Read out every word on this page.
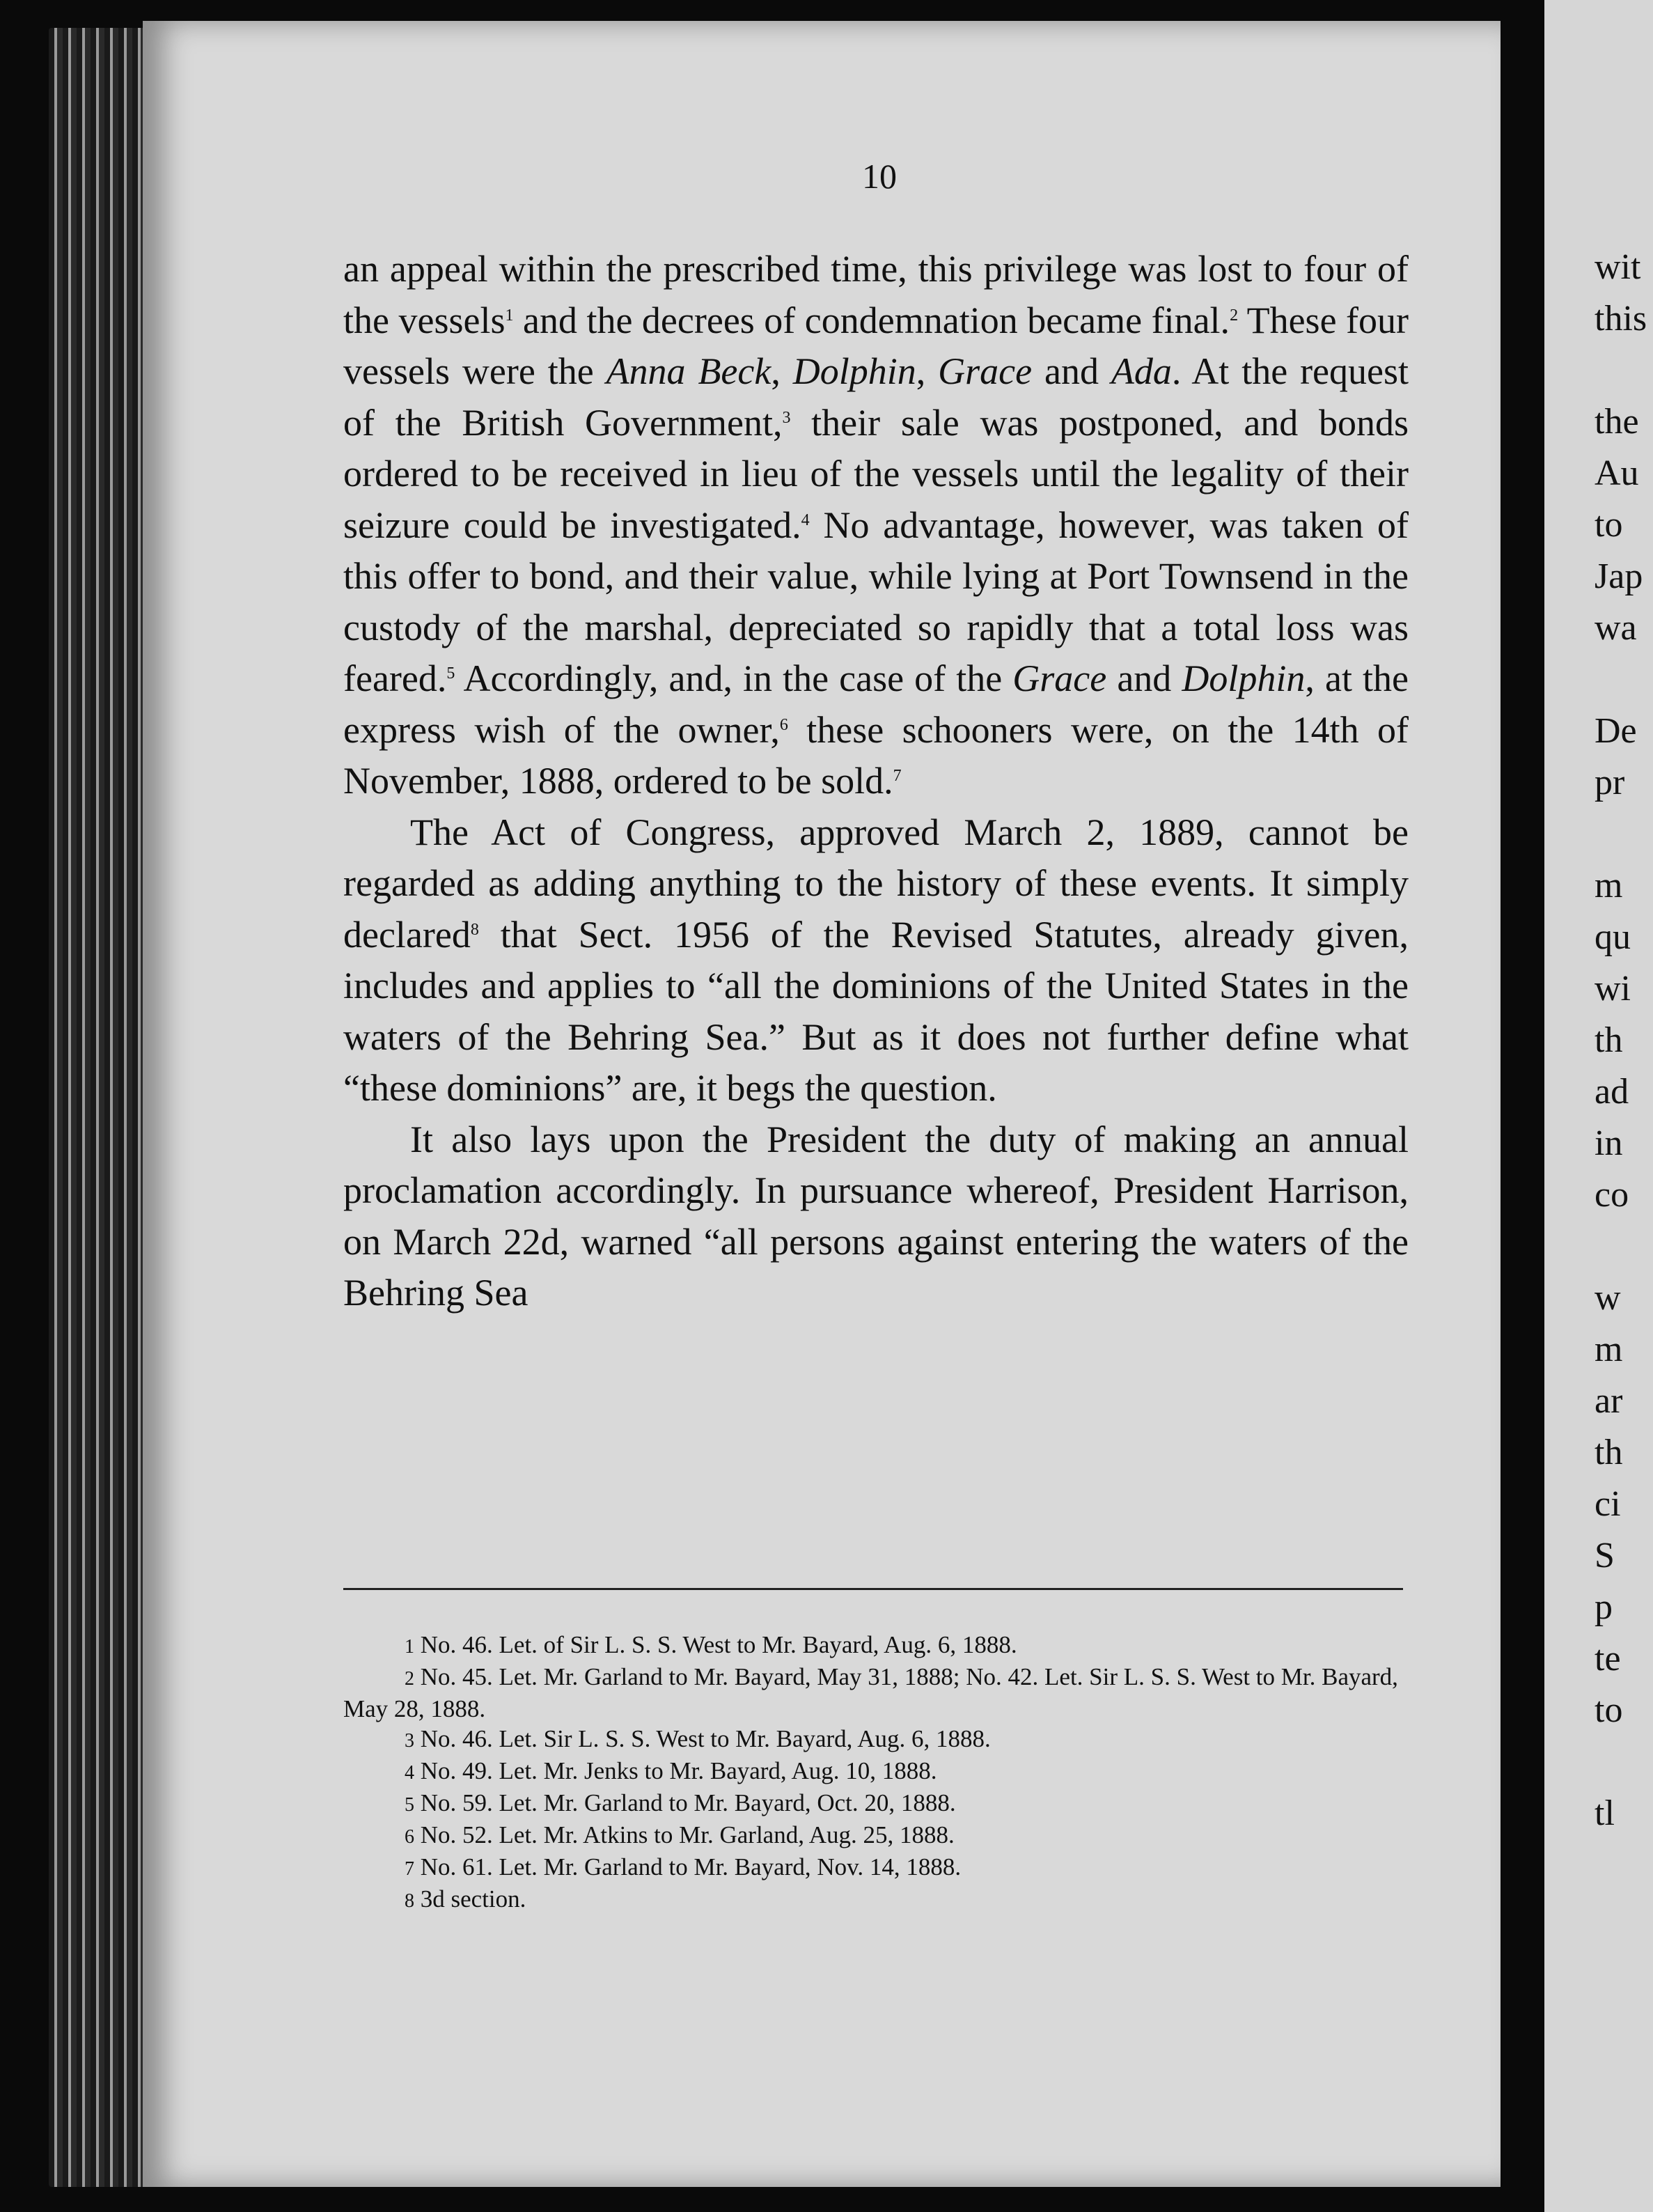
10

an appeal within the prescribed time, this privilege was lost to four of the vessels$^1$ and the decrees of condemnation became final.$^2$ These four vessels were the Anna Beck, Dolphin, Grace and Ada. At the request of the British Government,$^3$ their sale was postponed, and bonds ordered to be received in lieu of the vessels until the legality of their seizure could be investigated.$^4$ No advantage, however, was taken of this offer to bond, and their value, while lying at Port Townsend in the custody of the marshal, depreciated so rapidly that a total loss was feared.$^5$ Accordingly, and, in the case of the Grace and Dolphin, at the express wish of the owner,$^6$ these schooners were, on the 14th of November, 1888, ordered to be sold.$^7$

The Act of Congress, approved March 2, 1889, cannot be regarded as adding anything to the history of these events. It simply declared$^8$ that Sect. 1956 of the Revised Statutes, already given, includes and applies to “all the dominions of the United States in the waters of the Behring Sea.” But as it does not further define what “these dominions” are, it begs the question.

It also lays upon the President the duty of making an annual proclamation accordingly. In pursuance whereof, President Harrison, on March 22d, warned “all persons against entering the waters of the Behring Sea

1 No. 46. Let. of Sir L. S. S. West to Mr. Bayard, Aug. 6, 1888.

2 No. 45. Let. Mr. Garland to Mr. Bayard, May 31, 1888; No. 42. Let. Sir L. S. S. West to Mr. Bayard, May 28, 1888.

3 No. 46. Let. Sir L. S. S. West to Mr. Bayard, Aug. 6, 1888.

4 No. 49. Let. Mr. Jenks to Mr. Bayard, Aug. 10, 1888.

5 No. 59. Let. Mr. Garland to Mr. Bayard, Oct. 20, 1888.

6 No. 52. Let. Mr. Atkins to Mr. Garland, Aug. 25, 1888.

7 No. 61. Let. Mr. Garland to Mr. Bayard, Nov. 14, 1888.

8 3d section.

wit
this
the
Au
to
Jap
wa
De
pr
m
qu
wi
th
ad
in
co
w
m
ar
th
ci
S
p
te
to
tl
